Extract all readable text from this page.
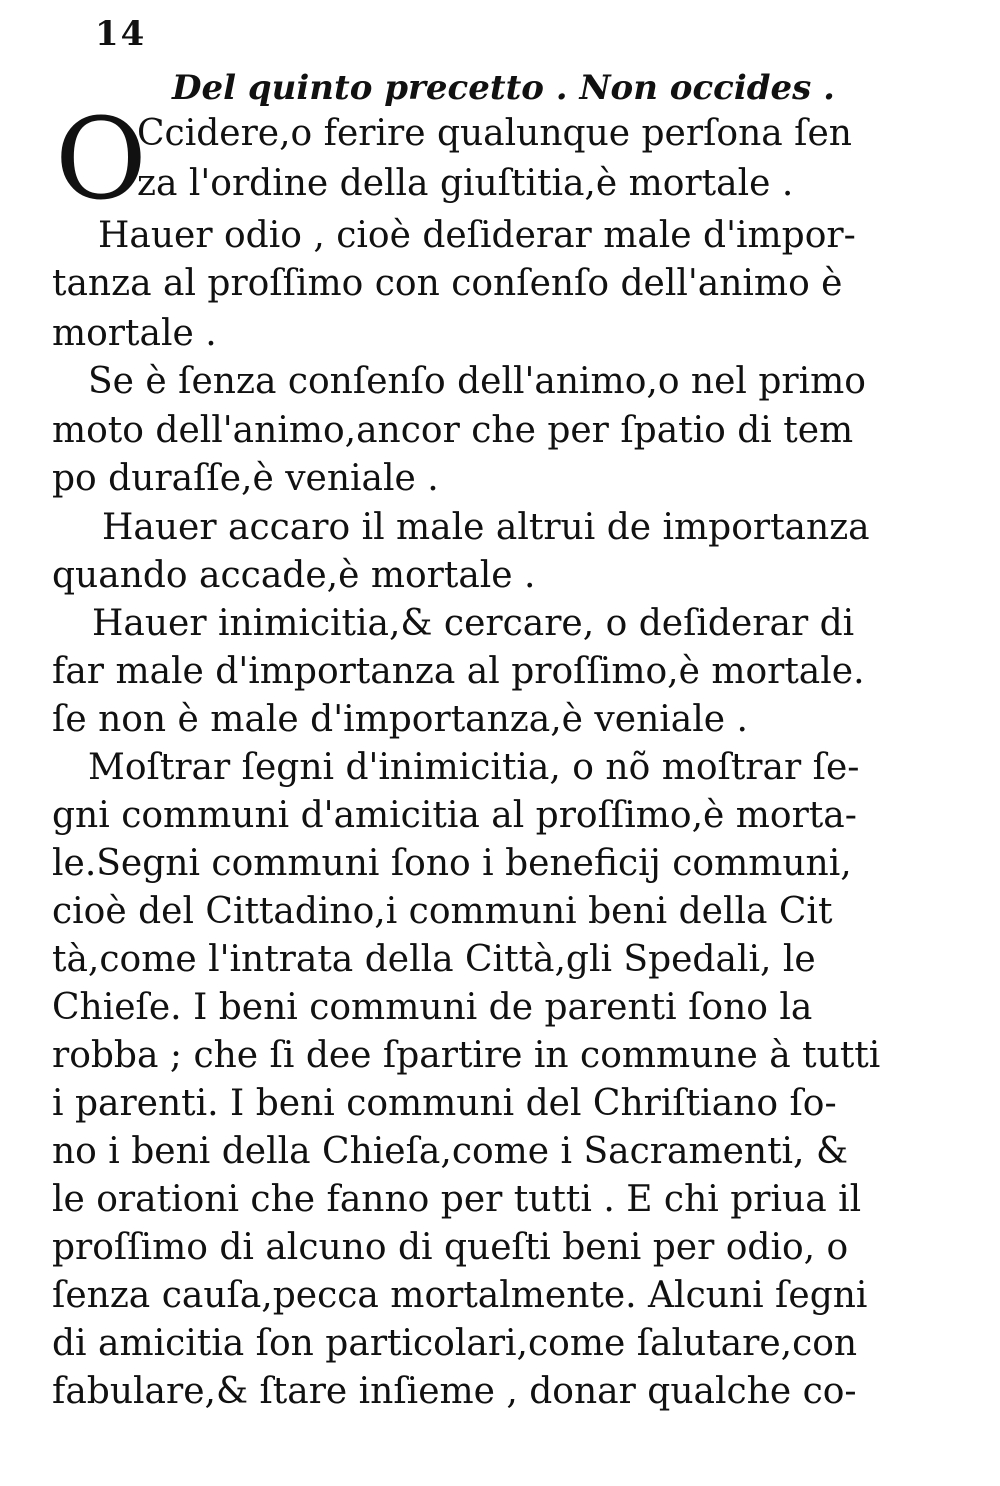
14
Del quinto precetto . Non occides .
O
Ccidere,o ferire qualunque perſona ſen
za l'ordine della giuſtitia,è mortale .
Hauer odio , cioè deſiderar male d'impor-
tanza al proſſimo con conſenſo dell'animo è
mortale .
Se è ſenza conſenſo dell'animo,o nel primo
moto dell'animo,ancor che per ſpatio di tem
po duraſſe,è veniale .
Hauer accaro il male altrui de importanza
quando accade,è mortale .
Hauer inimicitia,& cercare, o deſiderar di
far male d'importanza al proſſimo,è mortale.
ſe non è male d'importanza,è veniale .
Moſtrar ſegni d'inimicitia, o nõ moſtrar ſe-
gni communi d'amicitia al proſſimo,è morta-
le.Segni communi ſono i beneficij communi,
cioè del Cittadino,i communi beni della Cit
tà,come l'intrata della Città,gli Spedali, le
Chieſe. I beni communi de parenti ſono la
robba ; che ſi dee ſpartire in commune à tutti
i parenti. I beni communi del Chriſtiano ſo-
no i beni della Chieſa,come i Sacramenti, &
le orationi che fanno per tutti . E chi priua il
proſſimo di alcuno di queſti beni per odio, o
ſenza cauſa,pecca mortalmente. Alcuni ſegni
di amicitia ſon particolari,come ſalutare,con
fabulare,& ſtare inſieme , donar qualche co-
